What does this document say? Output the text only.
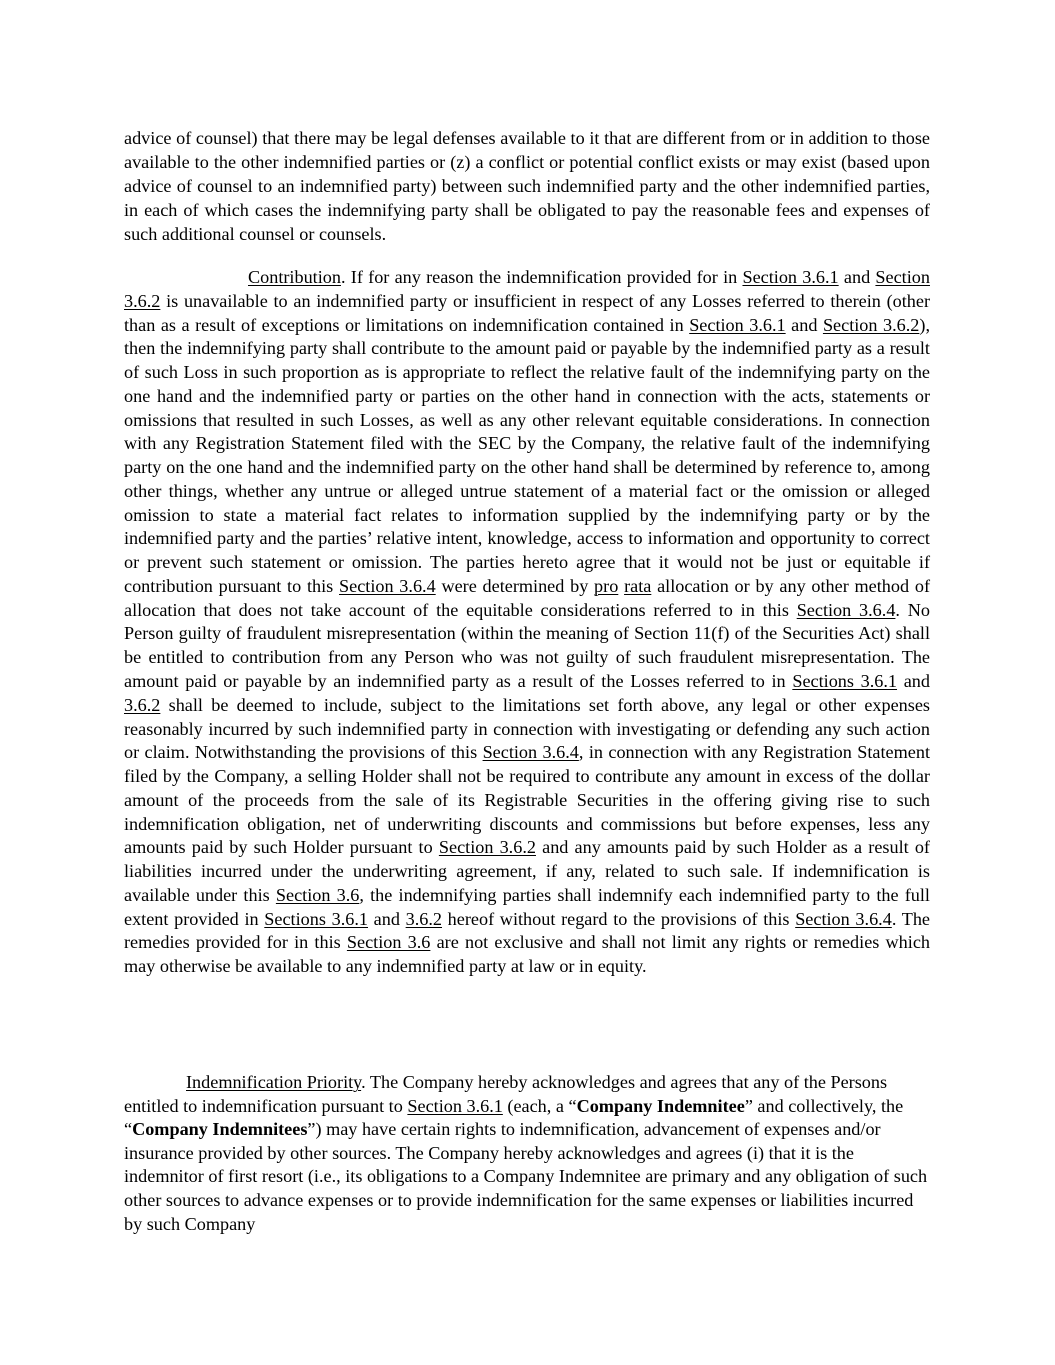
advice of counsel) that there may be legal defenses available to it that are different from or in addition to those available to the other indemnified parties or (z) a conflict or potential conflict exists or may exist (based upon advice of counsel to an indemnified party) between such indemnified party and the other indemnified parties, in each of which cases the indemnifying party shall be obligated to pay the reasonable fees and expenses of such additional counsel or counsels.

Contribution. If for any reason the indemnification provided for in Section 3.6.1 and Section 3.6.2 is unavailable to an indemnified party or insufficient in respect of any Losses referred to therein (other than as a result of exceptions or limitations on indemnification contained in Section 3.6.1 and Section 3.6.2), then the indemnifying party shall contribute to the amount paid or payable by the indemnified party as a result of such Loss in such proportion as is appropriate to reflect the relative fault of the indemnifying party on the one hand and the indemnified party or parties on the other hand in connection with the acts, statements or omissions that resulted in such Losses, as well as any other relevant equitable considerations. In connection with any Registration Statement filed with the SEC by the Company, the relative fault of the indemnifying party on the one hand and the indemnified party on the other hand shall be determined by reference to, among other things, whether any untrue or alleged untrue statement of a material fact or the omission or alleged omission to state a material fact relates to information supplied by the indemnifying party or by the indemnified party and the parties’ relative intent, knowledge, access to information and opportunity to correct or prevent such statement or omission. The parties hereto agree that it would not be just or equitable if contribution pursuant to this Section 3.6.4 were determined by pro rata allocation or by any other method of allocation that does not take account of the equitable considerations referred to in this Section 3.6.4. No Person guilty of fraudulent misrepresentation (within the meaning of Section 11(f) of the Securities Act) shall be entitled to contribution from any Person who was not guilty of such fraudulent misrepresentation. The amount paid or payable by an indemnified party as a result of the Losses referred to in Sections 3.6.1 and 3.6.2 shall be deemed to include, subject to the limitations set forth above, any legal or other expenses reasonably incurred by such indemnified party in connection with investigating or defending any such action or claim. Notwithstanding the provisions of this Section 3.6.4, in connection with any Registration Statement filed by the Company, a selling Holder shall not be required to contribute any amount in excess of the dollar amount of the proceeds from the sale of its Registrable Securities in the offering giving rise to such indemnification obligation, net of underwriting discounts and commissions but before expenses, less any amounts paid by such Holder pursuant to Section 3.6.2 and any amounts paid by such Holder as a result of liabilities incurred under the underwriting agreement, if any, related to such sale. If indemnification is available under this Section 3.6, the indemnifying parties shall indemnify each indemnified party to the full extent provided in Sections 3.6.1 and 3.6.2 hereof without regard to the provisions of this Section 3.6.4. The remedies provided for in this Section 3.6 are not exclusive and shall not limit any rights or remedies which may otherwise be available to any indemnified party at law or in equity.

Indemnification Priority. The Company hereby acknowledges and agrees that any of the Persons entitled to indemnification pursuant to Section 3.6.1 (each, a “Company Indemnitee” and collectively, the “Company Indemnitees”) may have certain rights to indemnification, advancement of expenses and/or insurance provided by other sources. The Company hereby acknowledges and agrees (i) that it is the indemnitor of first resort (i.e., its obligations to a Company Indemnitee are primary and any obligation of such other sources to advance expenses or to provide indemnification for the same expenses or liabilities incurred by such Company
